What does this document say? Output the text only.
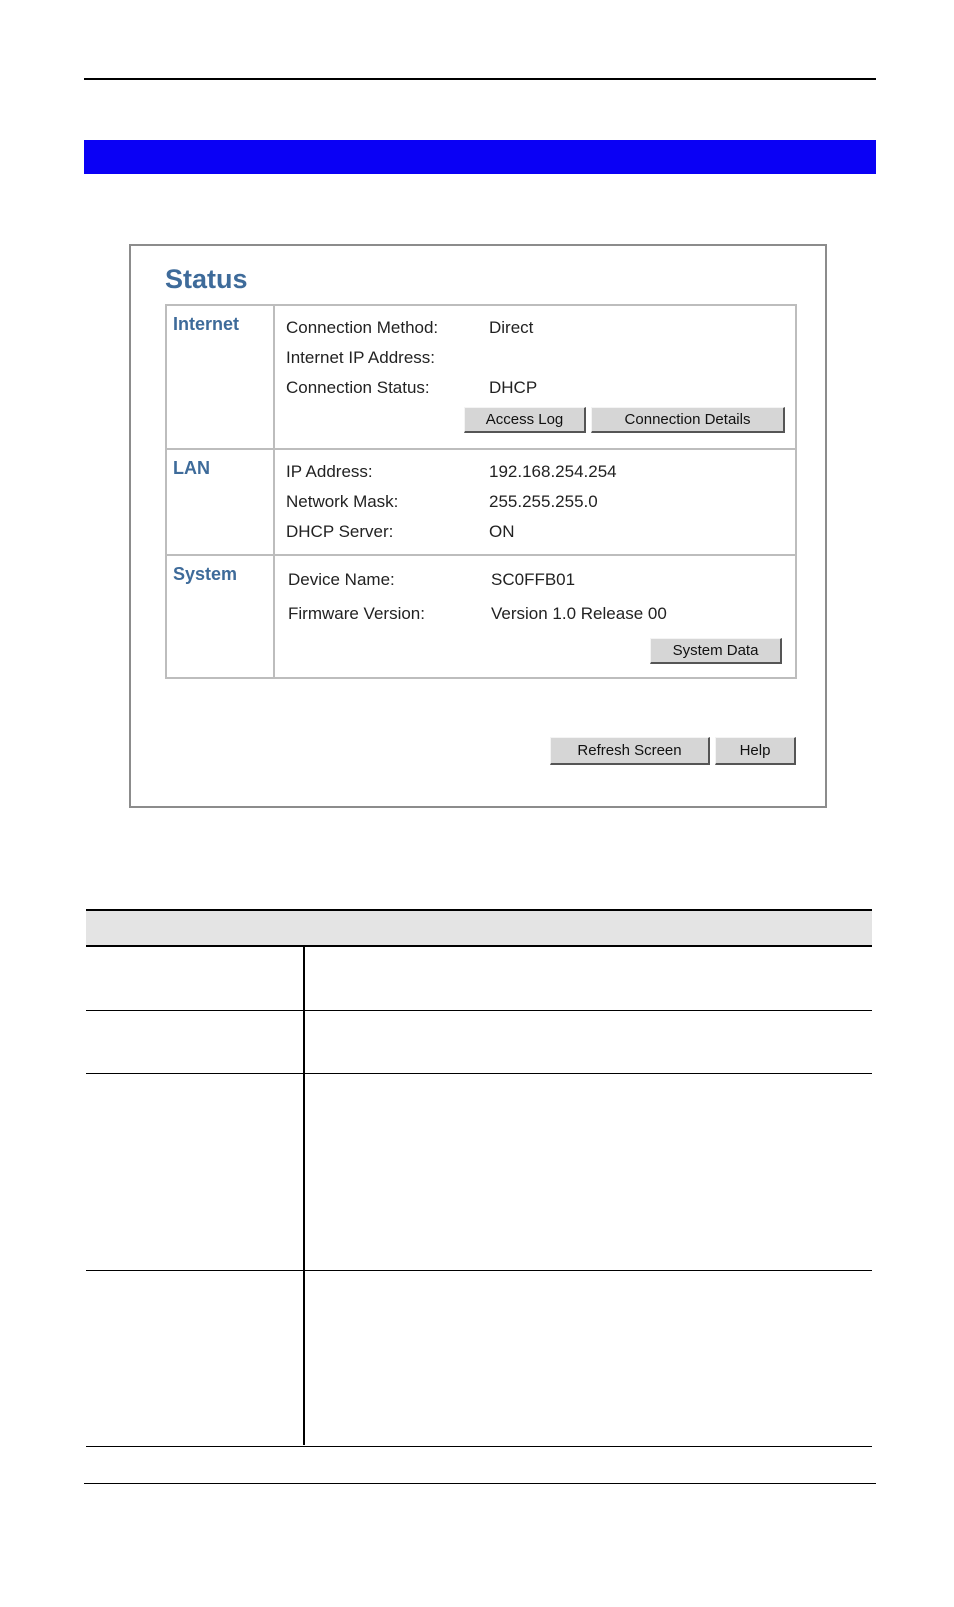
Status
Internet	Connection Method:	Direct
Internet IP Address:
Connection Status:	DHCP
Access Log	Connection Details
LAN	IP Address:	192.168.254.254
Network Mask:	255.255.255.0
DHCP Server:	ON
System	Device Name:	SC0FFB01
Firmware Version:	Version 1.0 Release 00
System Data
Refresh Screen	Help
